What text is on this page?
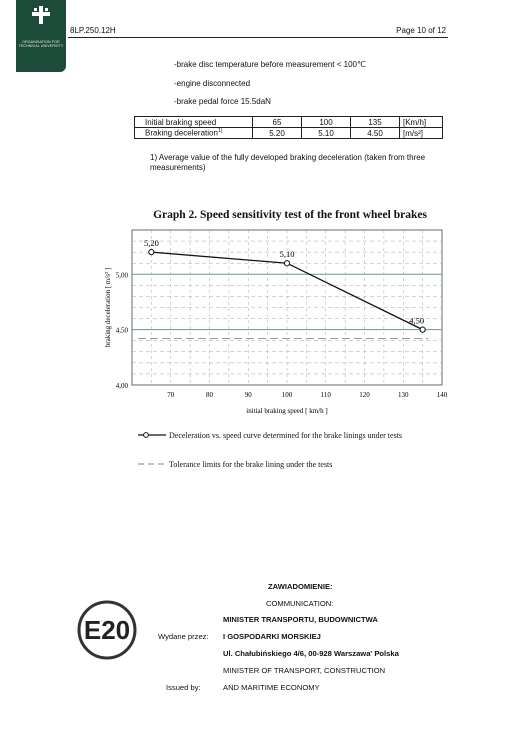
ORGANISATION FOR TECHNICAL UNIVERSITY
8LP.250.12H	Page 10 of 12
-brake disc temperature before measurement < 100℃
-engine disconnected
-brake pedal force 15.5daN
Initial braking speed	65	100	135	[Km/h]
Braking deceleration$^{1)}$	5.20	5.10	4.50	[m/s²]
1) Average value of the fully developed braking deceleration (taken from three measurements)
Graph 2. Speed sensitivity test of the front wheel brakes
4,00
4,50
5,00
70	80	90	100	110	120	130	140
5,20
5,10
4,50
initial braking speed [ km/h ]
braking deceleration [ m/s² ]
Deceleration vs. speed curve determined for the brake linings under tests
Tolerance limits for the brake lining under the tests
ZAWIADOMIENIE:
COMMUNICATION:
MINISTER TRANSPORTU, BUDOWNICTWA
Wydane przez: I GOSPODARKI MORSKIEJ
Ul. Chałubińskiego 4/6, 00-928 Warszawa' Polska
MINISTER OF TRANSPORT, CONSTRUCTION
Issued by:	AND MARITIME ECONOMY
E20
